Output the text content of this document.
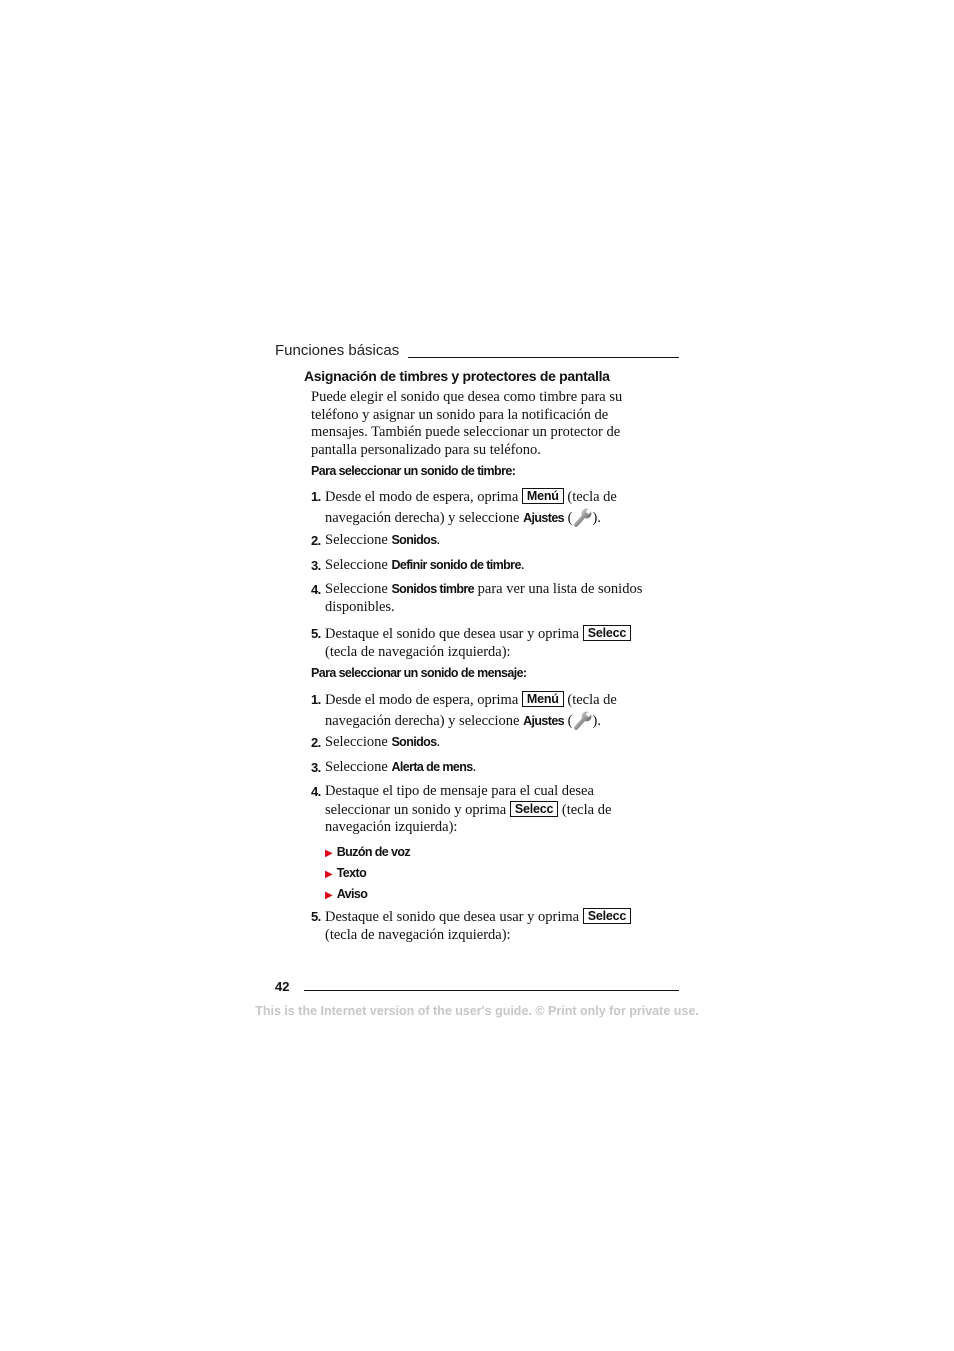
Funciones básicas
Asignación de timbres y protectores de pantalla
Puede elegir el sonido que desea como timbre para su teléfono y asignar un sonido para la notificación de mensajes. También puede seleccionar un protector de pantalla personalizado para su teléfono.
Para seleccionar un sonido de timbre:
1. Desde el modo de espera, oprima Menú (tecla de navegación derecha) y seleccione Ajustes ( ).
2. Seleccione Sonidos.
3. Seleccione Definir sonido de timbre.
4. Seleccione Sonidos timbre para ver una lista de sonidos disponibles.
5. Destaque el sonido que desea usar y oprima Selecc (tecla de navegación izquierda):
Para seleccionar un sonido de mensaje:
1. Desde el modo de espera, oprima Menú (tecla de navegación derecha) y seleccione Ajustes ( ).
2. Seleccione Sonidos.
3. Seleccione Alerta de mens.
4. Destaque el tipo de mensaje para el cual desea seleccionar un sonido y oprima Selecc (tecla de navegación izquierda):
▶ Buzón de voz
▶ Texto
▶ Aviso
5. Destaque el sonido que desea usar y oprima Selecc (tecla de navegación izquierda):
42
This is the Internet version of the user's guide. © Print only for private use.
